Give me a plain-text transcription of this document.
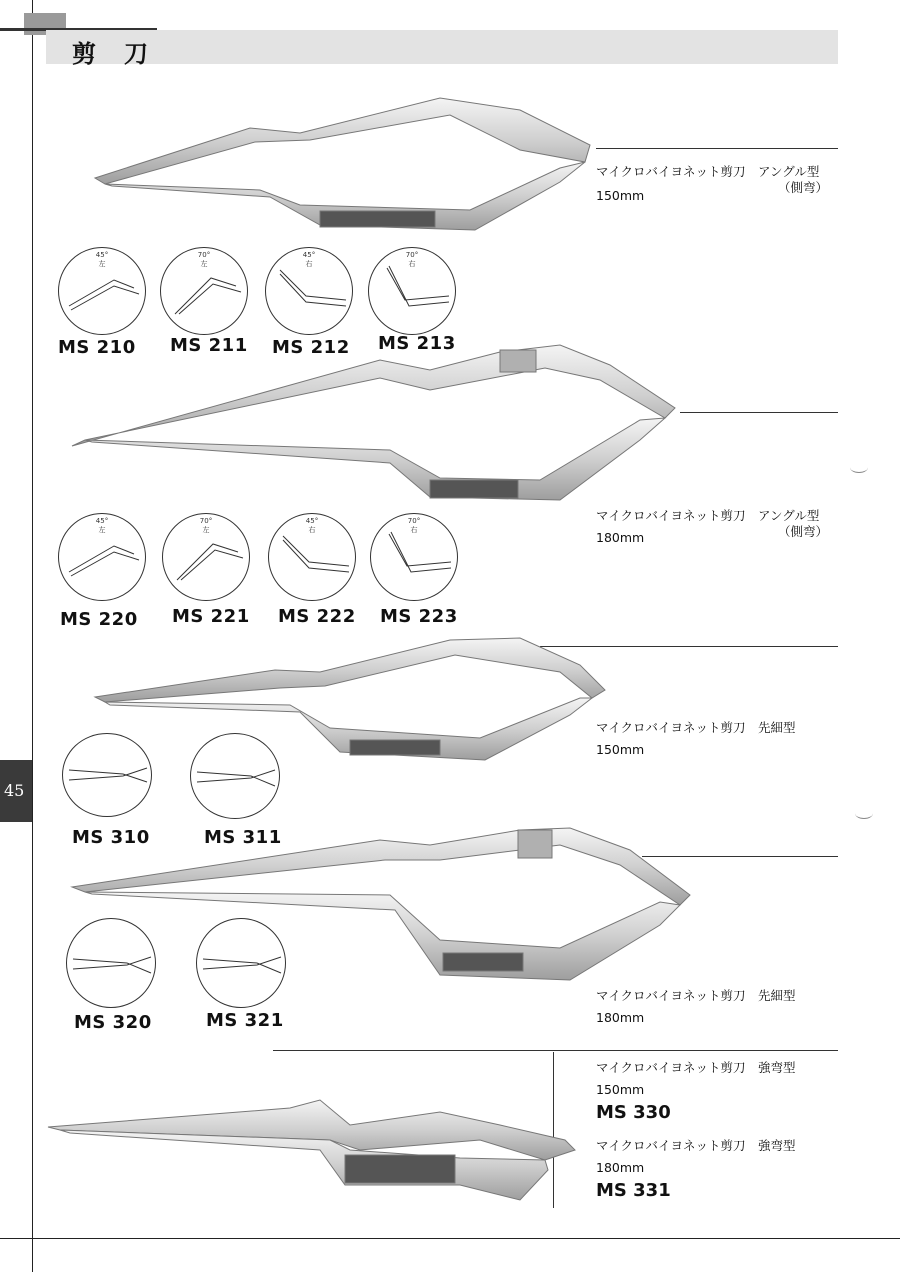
剪刀
45
マイクロバイヨネット剪刀　アングル型
（側弯）
150mm
45°
左
70°
左
45°
右
70°
右
MS 210 MS 211 MS 212 MS 213
マイクロバイヨネット剪刀　アングル型
（側弯）
180mm
45°
左
70°
左
45°
右
70°
右
MS 220 MS 221 MS 222 MS 223
マイクロバイヨネット剪刀　先細型
150mm
MS 310	MS 311
マイクロバイヨネット剪刀　先細型
180mm
MS 320	MS 321
マイクロバイヨネット剪刀　強弯型
150mm
MS 330
マイクロバイヨネット剪刀　強弯型
180mm
MS 331
